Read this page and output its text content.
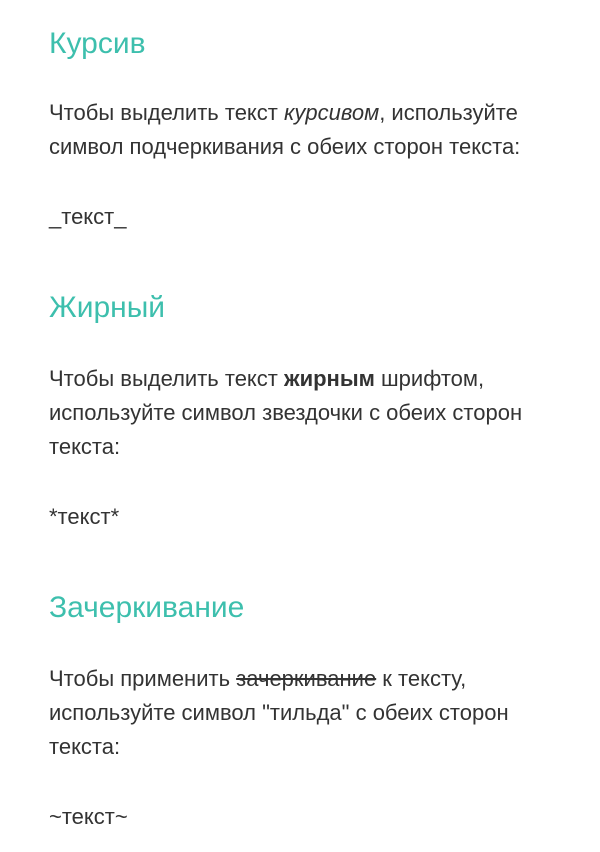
Курсив

Чтобы выделить текст курсивом, используйте символ подчеркивания с обеих сторон текста:

_текст_
Жирный

Чтобы выделить текст жирным шрифтом, используйте символ звездочки с обеих сторон текста:

*текст*
Зачеркивание

Чтобы применить зачеркивание к тексту, используйте символ "тильда" с обеих сторон текста:

~текст~
